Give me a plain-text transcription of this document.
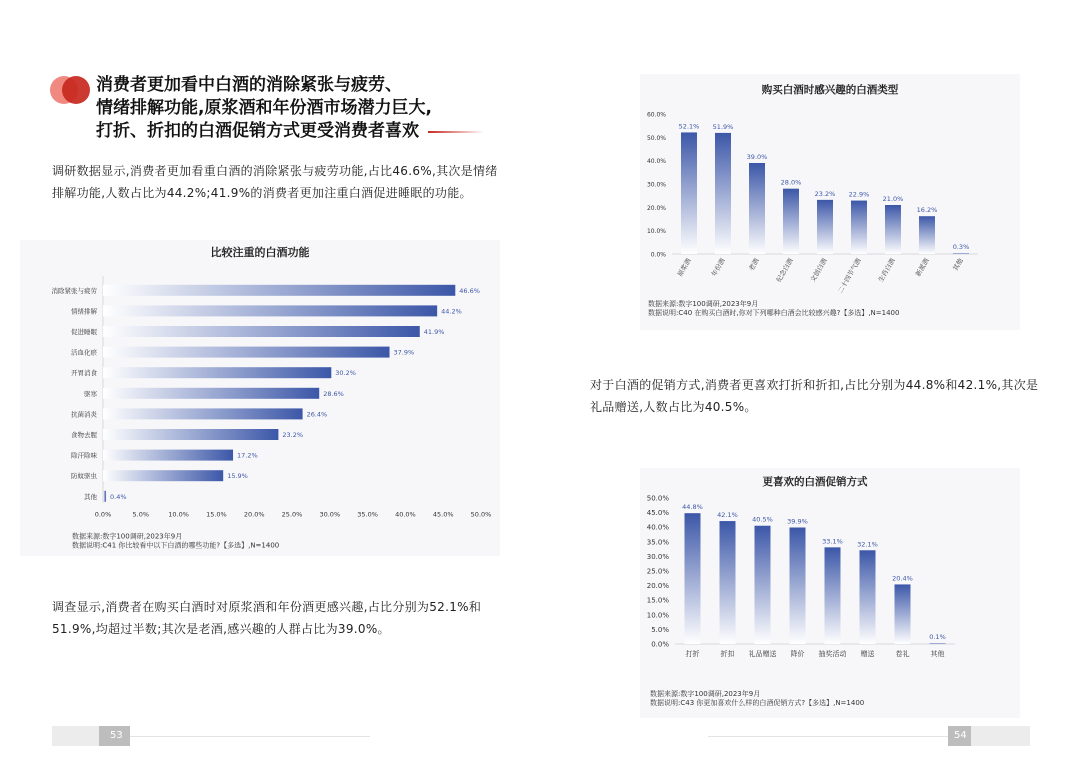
消费者更加看中白酒的消除紧张与疲劳、
情绪排解功能,原浆酒和年份酒市场潜力巨大,
打折、折扣的白酒促销方式更受消费者喜欢

调研数据显示,消费者更加看重白酒的消除紧张与疲劳功能,占比46.6%,其次是情绪排解功能,人数占比为44.2%;41.9%的消费者更加注重白酒促进睡眠的功能。

调查显示,消费者在购买白酒时对原浆酒和年份酒更感兴趣,占比分别为52.1%和51.9%,均超过半数;其次是老酒,感兴趣的人群占比为39.0%。

对于白酒的促销方式,消费者更喜欢打折和折扣,占比分别为44.8%和42.1%,其次是礼品赠送,人数占比为40.5%。

比较注重的白酒功能
消除紧张与疲劳	46.6%
情绪排解	44.2%
促进睡眠	41.9%
活血化瘀	37.9%
开胃消食	30.2%
驱寒	28.6%
抗菌消炎	26.4%
食物去腥	23.2%
除汗除味	17.2%
防蚊驱虫	15.9%
其他 0.4%
0.0%	5.0%	10.0%	15.0%	20.0%	25.0%	30.0%	35.0%	40.0%	45.0%	50.0%
数据来源:数字100调研,2023年9月
数据说明:C41 你比较看中以下白酒的哪些功能?【多选】,N=1400
购买白酒时感兴趣的白酒类型
0.0%
10.0%
20.0%
30.0%
40.0%
50.0%
60.0%
52.1%
原浆酒
51.9%
年份酒
39.0%
老酒
28.0%
纪念白酒
23.2%
文创白酒
22.9%
二十四节气酒
21.0%
生肖白酒
16.2%
新派酒
0.3%
其他
数据来源:数字100调研,2023年9月
数据说明:C40 在购买白酒时,你对下列哪种白酒会比较感兴趣?【多选】,N=1400
更喜欢的白酒促销方式
0.0%
5.0%
10.0%
15.0%
20.0%
25.0%
30.0%
35.0%
40.0%
45.0%
50.0%
44.8%
打折
42.1%
折扣
40.5%
礼品赠送
39.9%
降价
33.1%
抽奖活动
32.1%
赠送
20.4%
卷礼
0.1%
其他
数据来源:数字100调研,2023年9月
数据说明:C43 你更加喜欢什么样的白酒促销方式?【多选】,N=1400
53	54
